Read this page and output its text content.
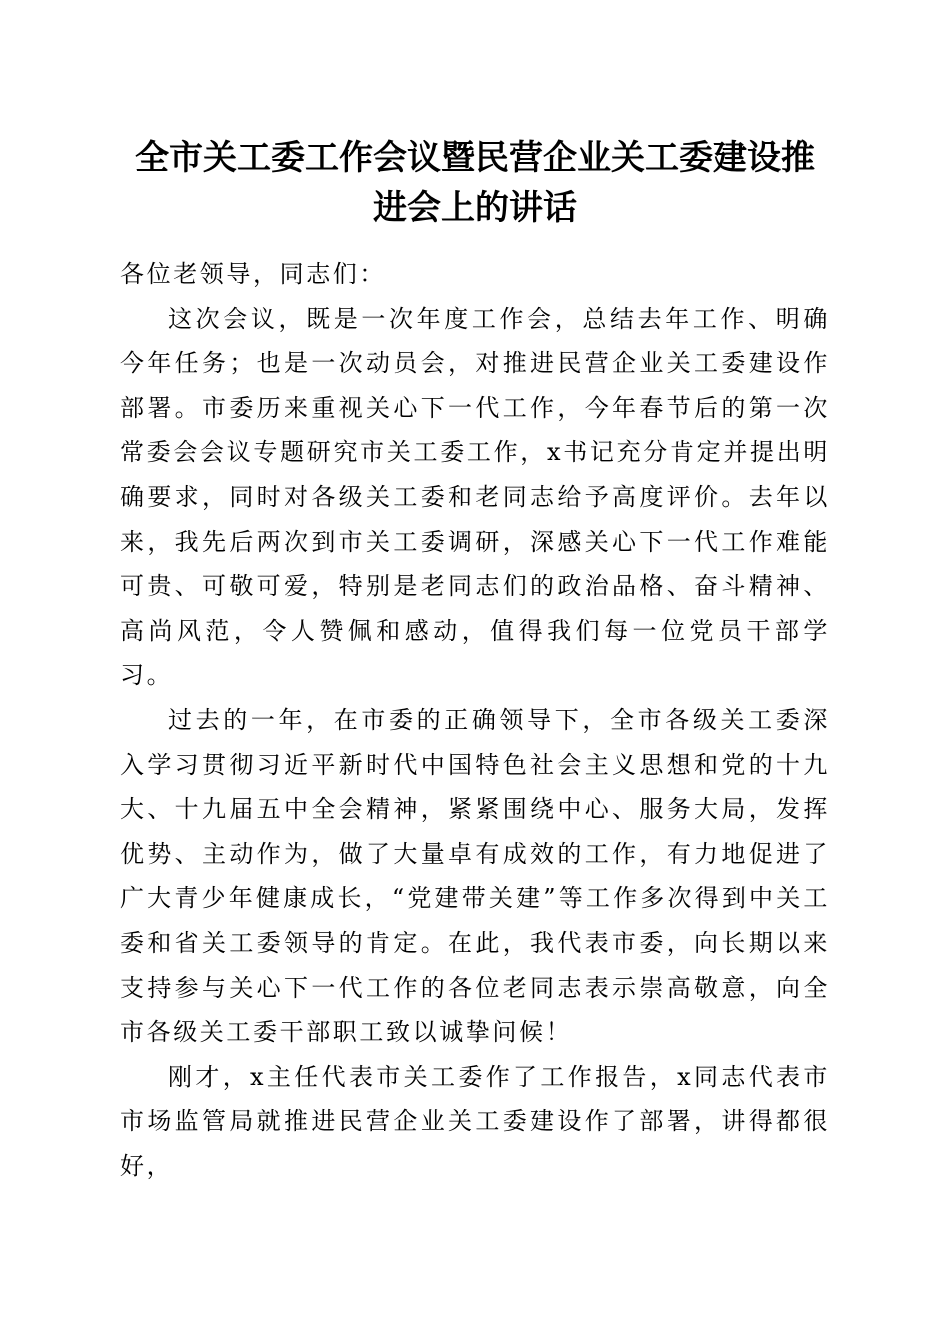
全市关工委工作会议暨民营企业关工委建设推
进会上的讲话

各位老领导，同志们：

这次会议，既是一次年度工作会，总结去年工作、明确今年任务；也是一次动员会，对推进民营企业关工委建设作部署。市委历来重视关心下一代工作，今年春节后的第一次常委会会议专题研究市关工委工作，x书记充分肯定并提出明确要求，同时对各级关工委和老同志给予高度评价。去年以来，我先后两次到市关工委调研，深感关心下一代工作难能可贵、可敬可爱，特别是老同志们的政治品格、奋斗精神、高尚风范，令人赞佩和感动，值得我们每一位党员干部学习。

过去的一年，在市委的正确领导下，全市各级关工委深入学习贯彻习近平新时代中国特色社会主义思想和党的十九大、十九届五中全会精神，紧紧围绕中心、服务大局，发挥优势、主动作为，做了大量卓有成效的工作，有力地促进了广大青少年健康成长，“党建带关建”等工作多次得到中关工委和省关工委领导的肯定。在此，我代表市委，向长期以来支持参与关心下一代工作的各位老同志表示崇高敬意，向全市各级关工委干部职工致以诚挚问候！

刚才，x主任代表市关工委作了工作报告，x同志代表市市场监管局就推进民营企业关工委建设作了部署，讲得都很好，
